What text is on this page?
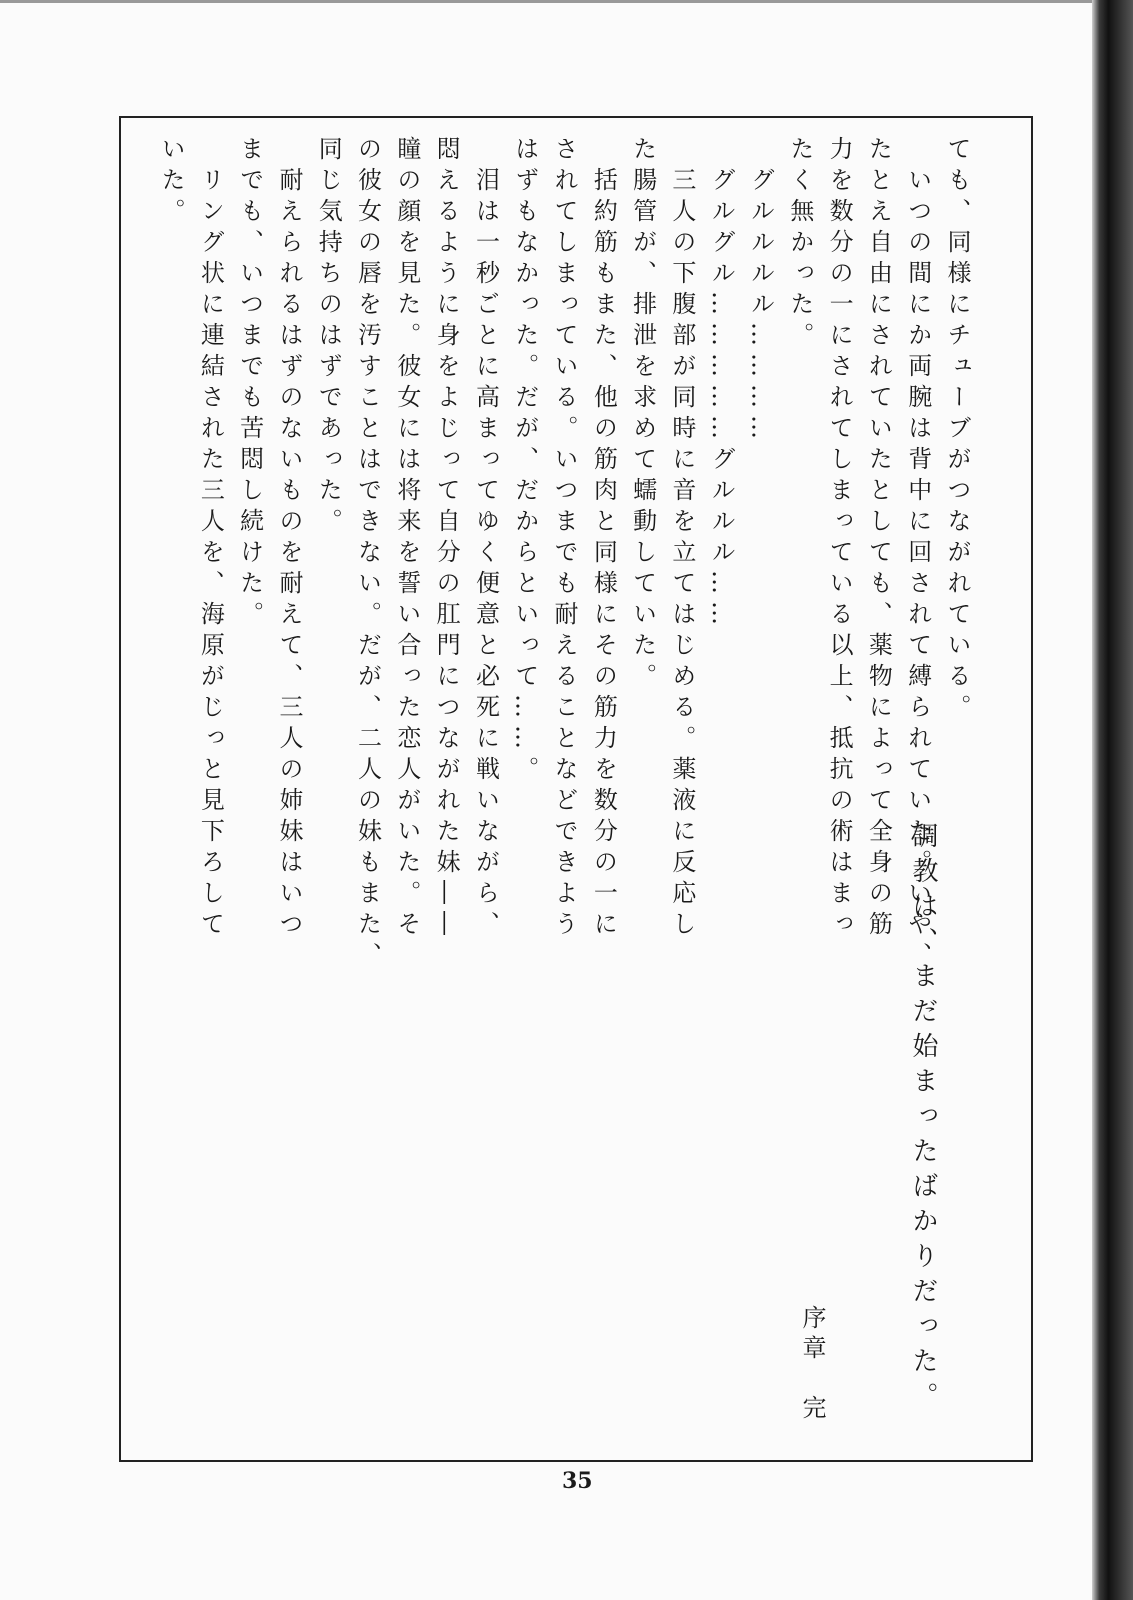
ても、同様にチューブがつながれている。
　いつの間にか両腕は背中に回されて縛られていた。いや、
たとえ自由にされていたとしても、薬物によって全身の筋
力を数分の一にされてしまっている以上、抵抗の術はまっ
たく無かった。
　グルルルル…………
　グルグル……………グルルル……
　三人の下腹部が同時に音を立てはじめる。薬液に反応し
た腸管が、排泄を求めて蠕動していた。
　括約筋もまた、他の筋肉と同様にその筋力を数分の一に
されてしまっている。いつまでも耐えることなどできよう
はずもなかった。だが、だからといって……。
　泪は一秒ごとに高まってゆく便意と必死に戦いながら、
悶えるように身をよじって自分の肛門につながれた妹――
瞳の顔を見た。彼女には将来を誓い合った恋人がいた。そ
の彼女の唇を汚すことはできない。だが、二人の妹もまた、
同じ気持ちのはずであった。
　耐えられるはずのないものを耐えて、三人の姉妹はいつ
までも、いつまでも苦悶し続けた。
　リング状に連結された三人を、海原がじっと見下ろして
いた。
調教は、まだ始まったばかりだった。
序章　完
35
